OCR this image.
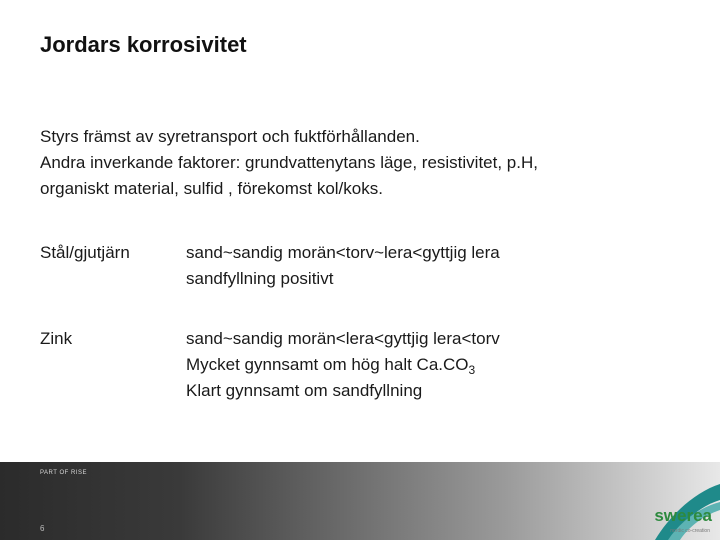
Jordars korrosivitet
Styrs främst av syretransport och fuktförhållanden.
Andra inverkande faktorer: grundvattenytans läge, resistivitet, p.H,
organiskt material, sulfid , förekomst kol/koks.
Stål/gjutjärn	sand~sandig morän<torv~lera<gyttjig lera
sandfyllning positivt
Zink	sand~sandig morän<lera<gyttjig lera<torv
Mycket gynnsamt om hög halt $Ca.CO_3$
Klart gynnsamt om sandfyllning
PART OF RISE
6
swerea
nordic co-creation
